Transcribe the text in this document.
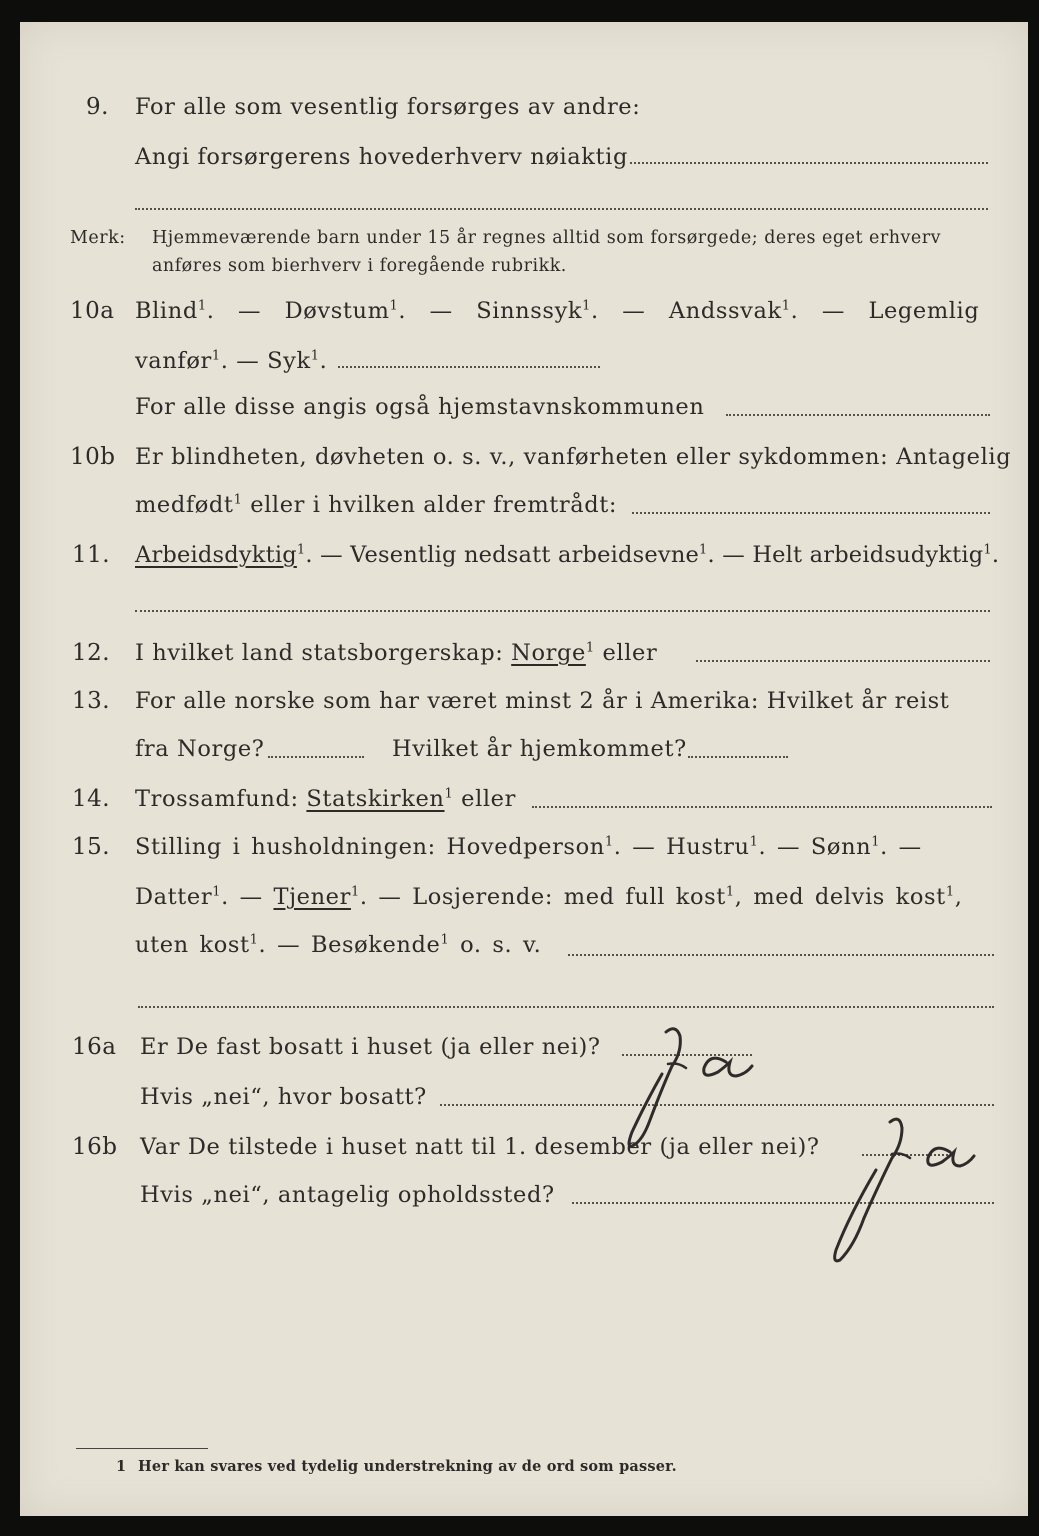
9. For alle som vesentlig forsørges av andre:
Angi forsørgerens hovederhverv nøiaktig
Merk: Hjemmeværende barn under 15 år regnes alltid som forsørgede; deres eget erhverv
anføres som bierhverv i foregående rubrikk.
10a Blind$^1$.  — Døvstum$^1$.  — Sinnssyk$^1$.  — Andssvak$^1$.  — Legemlig
vanfør$^1$. — Syk$^1$.
For alle disse angis også hjemstavnskommunen
10b Er blindheten, døvheten o. s. v., vanførheten eller sykdommen: Antagelig
medfødt$^1$ eller i hvilken alder fremtrådt:
11. Arbeidsdyktig$^1$. — Vesentlig nedsatt arbeidsevne$^1$. — Helt arbeidsudyktig$^1$.
12. I hvilket land statsborgerskap: Norge$^1$ eller
13. For alle norske som har været minst 2 år i Amerika: Hvilket år reist
fra Norge?	Hvilket år hjemkommet?
14. Trossamfund: Statskirken$^1$ eller
15. Stilling i husholdningen: Hovedperson$^1$. — Hustru$^1$. — Sønn$^1$. —
Datter$^1$. — Tjener$^1$. — Losjerende: med full kost$^1$, med delvis kost$^1$,
uten kost$^1$. — Besøkende$^1$ o. s. v.
16a Er De fast bosatt i huset (ja eller nei)?
Hvis „nei“, hvor bosatt?
16b Var De tilstede i huset natt til 1. desember (ja eller nei)?
Hvis „nei“, antagelig opholdssted?
1 Her kan svares ved tydelig understrekning av de ord som passer.
